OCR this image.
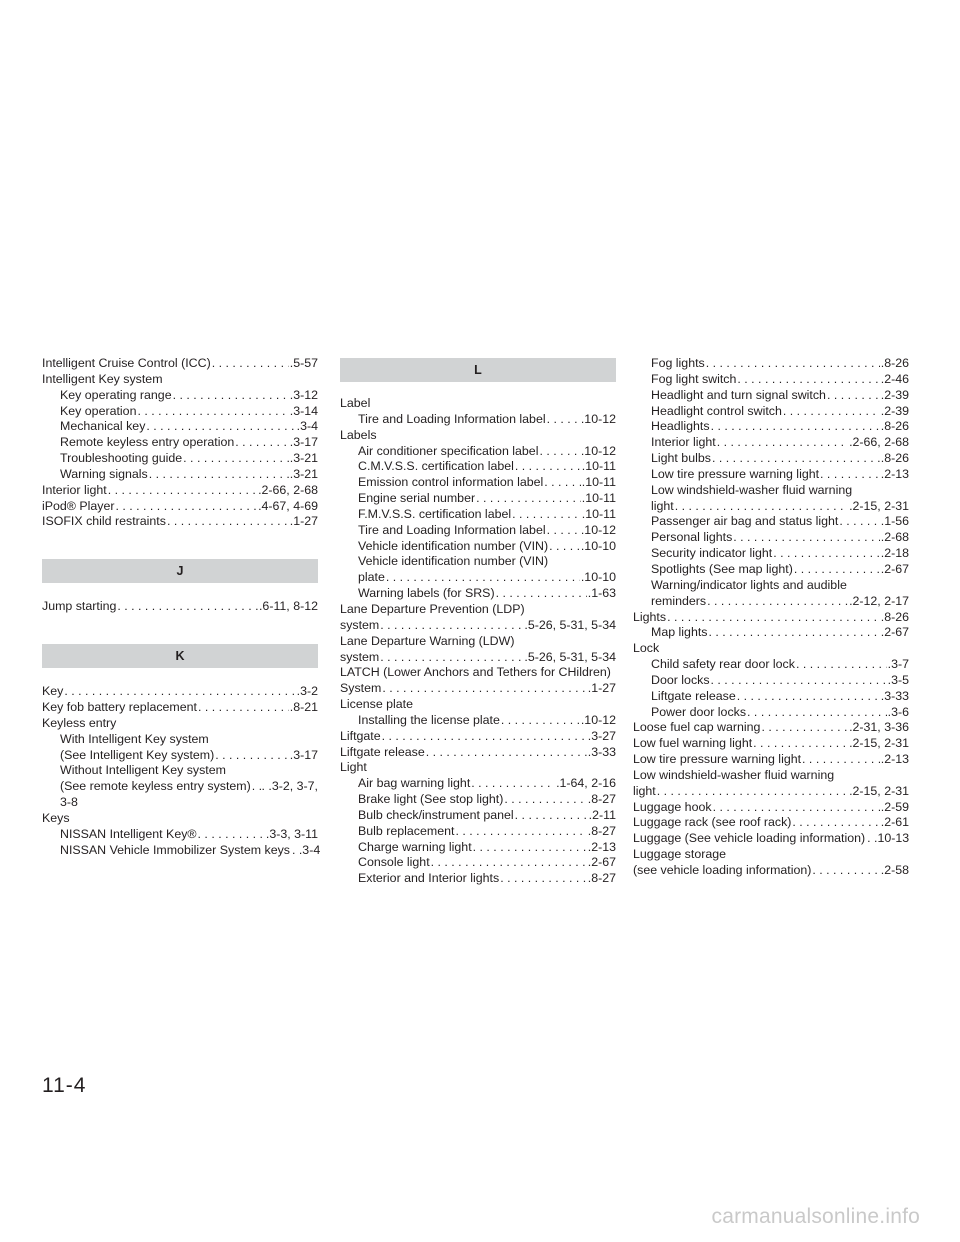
Intelligent Cruise Control (ICC) . . .	.5-57
Intelligent Key system
Key operating range . . .	.3-12
Key operation . . .	.3-14
Mechanical key . . .	.3-4
Remote keyless entry operation . . .	.3-17
Troubleshooting guide . . .	.3-21
Warning signals . . .	.3-21
Interior light . . .	.2-66, 2-68
iPod® Player . . .	.4-67, 4-69
ISOFIX child restraints . . .	.1-27
J
Jump starting . . .	.6-11, 8-12
K
Key . . .	.3-2
Key fob battery replacement . . .	.8-21
Keyless entry
With Intelligent Key system
(See Intelligent Key system) . . .	.3-17
Without Intelligent Key system
(See remote keyless entry system) . . . . .3-2, 3-7,
3-8
Keys
NISSAN Intelligent Key® . . .	.3-3, 3-11
NISSAN Vehicle Immobilizer System keys . .3-4
L
Label
Tire and Loading Information label . . .	.10-12
Labels
Air conditioner specification label . . .	.10-12
C.M.V.S.S. certification label . . .	.10-11
Emission control information label . . .	.10-11
Engine serial number . . .	.10-11
F.M.V.S.S. certification label . . .	.10-11
Tire and Loading Information label . . .	.10-12
Vehicle identification number (VIN) . . .	.10-10
Vehicle identification number (VIN)
plate . . .	.10-10
Warning labels (for SRS) . . .	.1-63
Lane Departure Prevention (LDP)
system . . .	.5-26, 5-31, 5-34
Lane Departure Warning (LDW)
system . . .	.5-26, 5-31, 5-34
LATCH (Lower Anchors and Tethers for CHildren)
System . . .	.1-27
License plate
Installing the license plate . . .	.10-12
Liftgate . . .	.3-27
Liftgate release . . .	.3-33
Light
Air bag warning light . . .	.1-64, 2-16
Brake light (See stop light) . . .	.8-27
Bulb check/instrument panel . . .	.2-11
Bulb replacement . . .	.8-27
Charge warning light . . .	.2-13
Console light . . .	.2-67
Exterior and Interior lights . . .	.8-27
Fog lights . . .	.8-26
Fog light switch . . .	.2-46
Headlight and turn signal switch . . .	.2-39
Headlight control switch . . .	.2-39
Headlights . . .	.8-26
Interior light . . .	.2-66, 2-68
Light bulbs . . .	.8-26
Low tire pressure warning light . . .	.2-13
Low windshield-washer fluid warning
light . . .	.2-15, 2-31
Passenger air bag and status light . . .	.1-56
Personal lights . . .	.2-68
Security indicator light . . .	.2-18
Spotlights (See map light) . . .	.2-67
Warning/indicator lights and audible
reminders . . .	.2-12, 2-17
Lights . . .	.8-26
Map lights . . .	.2-67
Lock
Child safety rear door lock . . .	.3-7
Door locks . . .	.3-5
Liftgate release . . .	.3-33
Power door locks . . .	.3-6
Loose fuel cap warning . . .	.2-31, 3-36
Low fuel warning light . . .	.2-15, 2-31
Low tire pressure warning light . . .	.2-13
Low windshield-washer fluid warning
light . . .	.2-15, 2-31
Luggage hook . . .	.2-59
Luggage rack (see roof rack) . . .	.2-61
Luggage (See vehicle loading information) . .10-13
Luggage storage
(see vehicle loading information) . . .	.2-58
11-4
carmanualsonline.info
